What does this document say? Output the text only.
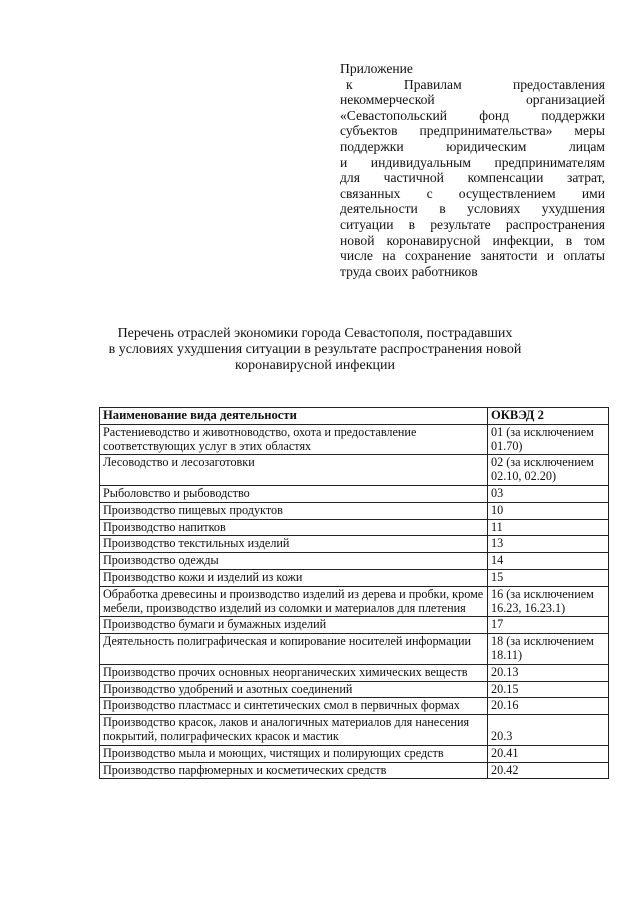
Приложение
к Правилам предоставления
некоммерческой организацией
«Севастопольский фонд поддержки
субъектов предпринимательства» меры
поддержки юридическим лицам
и индивидуальным предпринимателям
для частичной компенсации затрат,
связанных с осуществлением ими
деятельности в условиях ухудшения
ситуации в результате распространения
новой коронавирусной инфекции, в том
числе на сохранение занятости и оплаты
труда своих работников
Перечень отраслей экономики города Севастополя, пострадавших
в условиях ухудшения ситуации в результате распространения новой
коронавирусной инфекции
Наименование вида деятельности	ОКВЭД 2
Растениеводство и животноводство, охота и предоставление соответствующих услуг в этих областях	01 (за исключением 01.70)
Лесоводство и лесозаготовки	02 (за исключением 02.10, 02.20)
Рыболовство и рыбоводство	03
Производство пищевых продуктов	10
Производство напитков	11
Производство текстильных изделий	13
Производство одежды	14
Производство кожи и изделий из кожи	15
Обработка древесины и производство изделий из дерева и пробки, кроме мебели, производство изделий из соломки и материалов для плетения	16 (за исключением 16.23, 16.23.1)
Производство бумаги и бумажных изделий	17
Деятельность полиграфическая и копирование носителей информации	18 (за исключением 18.11)
Производство прочих основных неорганических химических веществ	20.13
Производство удобрений и азотных соединений	20.15
Производство пластмасс и синтетических смол в первичных формах	20.16
Производство красок, лаков и аналогичных материалов для нанесения покрытий, полиграфических красок и мастик	20.3
Производство мыла и моющих, чистящих и полирующих средств	20.41
Производство парфюмерных и косметических средств	20.42
